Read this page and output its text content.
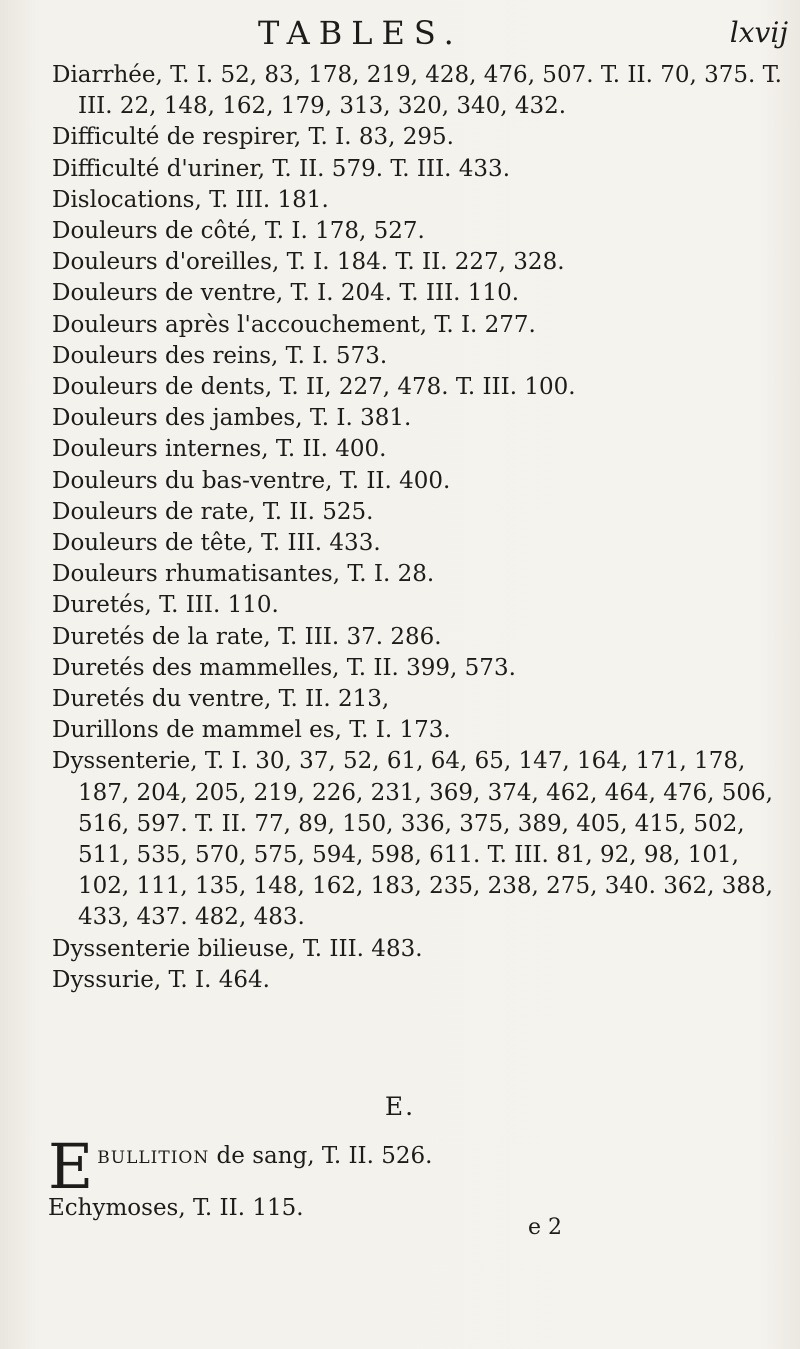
TABLES.	lxvij

Diarrhée, T. I. 52, 83, 178, 219, 428, 476, 507. T. II. 70, 375. T. III. 22, 148, 162, 179, 313, 320, 340, 432.

Difficulté de respirer, T. I. 83, 295.

Difficulté d'uriner, T. II. 579. T. III. 433.

Dislocations, T. III. 181.

Douleurs de côté, T. I. 178, 527.

Douleurs d'oreilles, T. I. 184. T. II. 227, 328.

Douleurs de ventre, T. I. 204. T. III. 110.

Douleurs après l'accouchement, T. I. 277.

Douleurs des reins, T. I. 573.

Douleurs de dents, T. II, 227, 478. T. III. 100.

Douleurs des jambes, T. I. 381.

Douleurs internes, T. II. 400.

Douleurs du bas-ventre, T. II. 400.

Douleurs de rate, T. II. 525.

Douleurs de tête, T. III. 433.

Douleurs rhumatisantes, T. I. 28.

Duretés, T. III. 110.

Duretés de la rate, T. III. 37. 286.

Duretés des mammelles, T. II. 399, 573.

Duretés du ventre, T. II. 213,

Durillons de mammel es, T. I. 173.

Dyssenterie, T. I. 30, 37, 52, 61, 64, 65, 147, 164, 171, 178, 187, 204, 205, 219, 226, 231, 369, 374, 462, 464, 476, 506, 516, 597. T. II. 77, 89, 150, 336, 375, 389, 405, 415, 502, 511, 535, 570, 575, 594, 598, 611. T. III. 81, 92, 98, 101, 102, 111, 135, 148, 162, 183, 235, 238, 275, 340. 362, 388, 433, 437. 482, 483.

Dyssenterie bilieuse, T. III. 483.

Dyssurie, T. I. 464.

E.

EBULLITION de sang, T. II. 526.

Echymoses, T. II. 115.

e 2
